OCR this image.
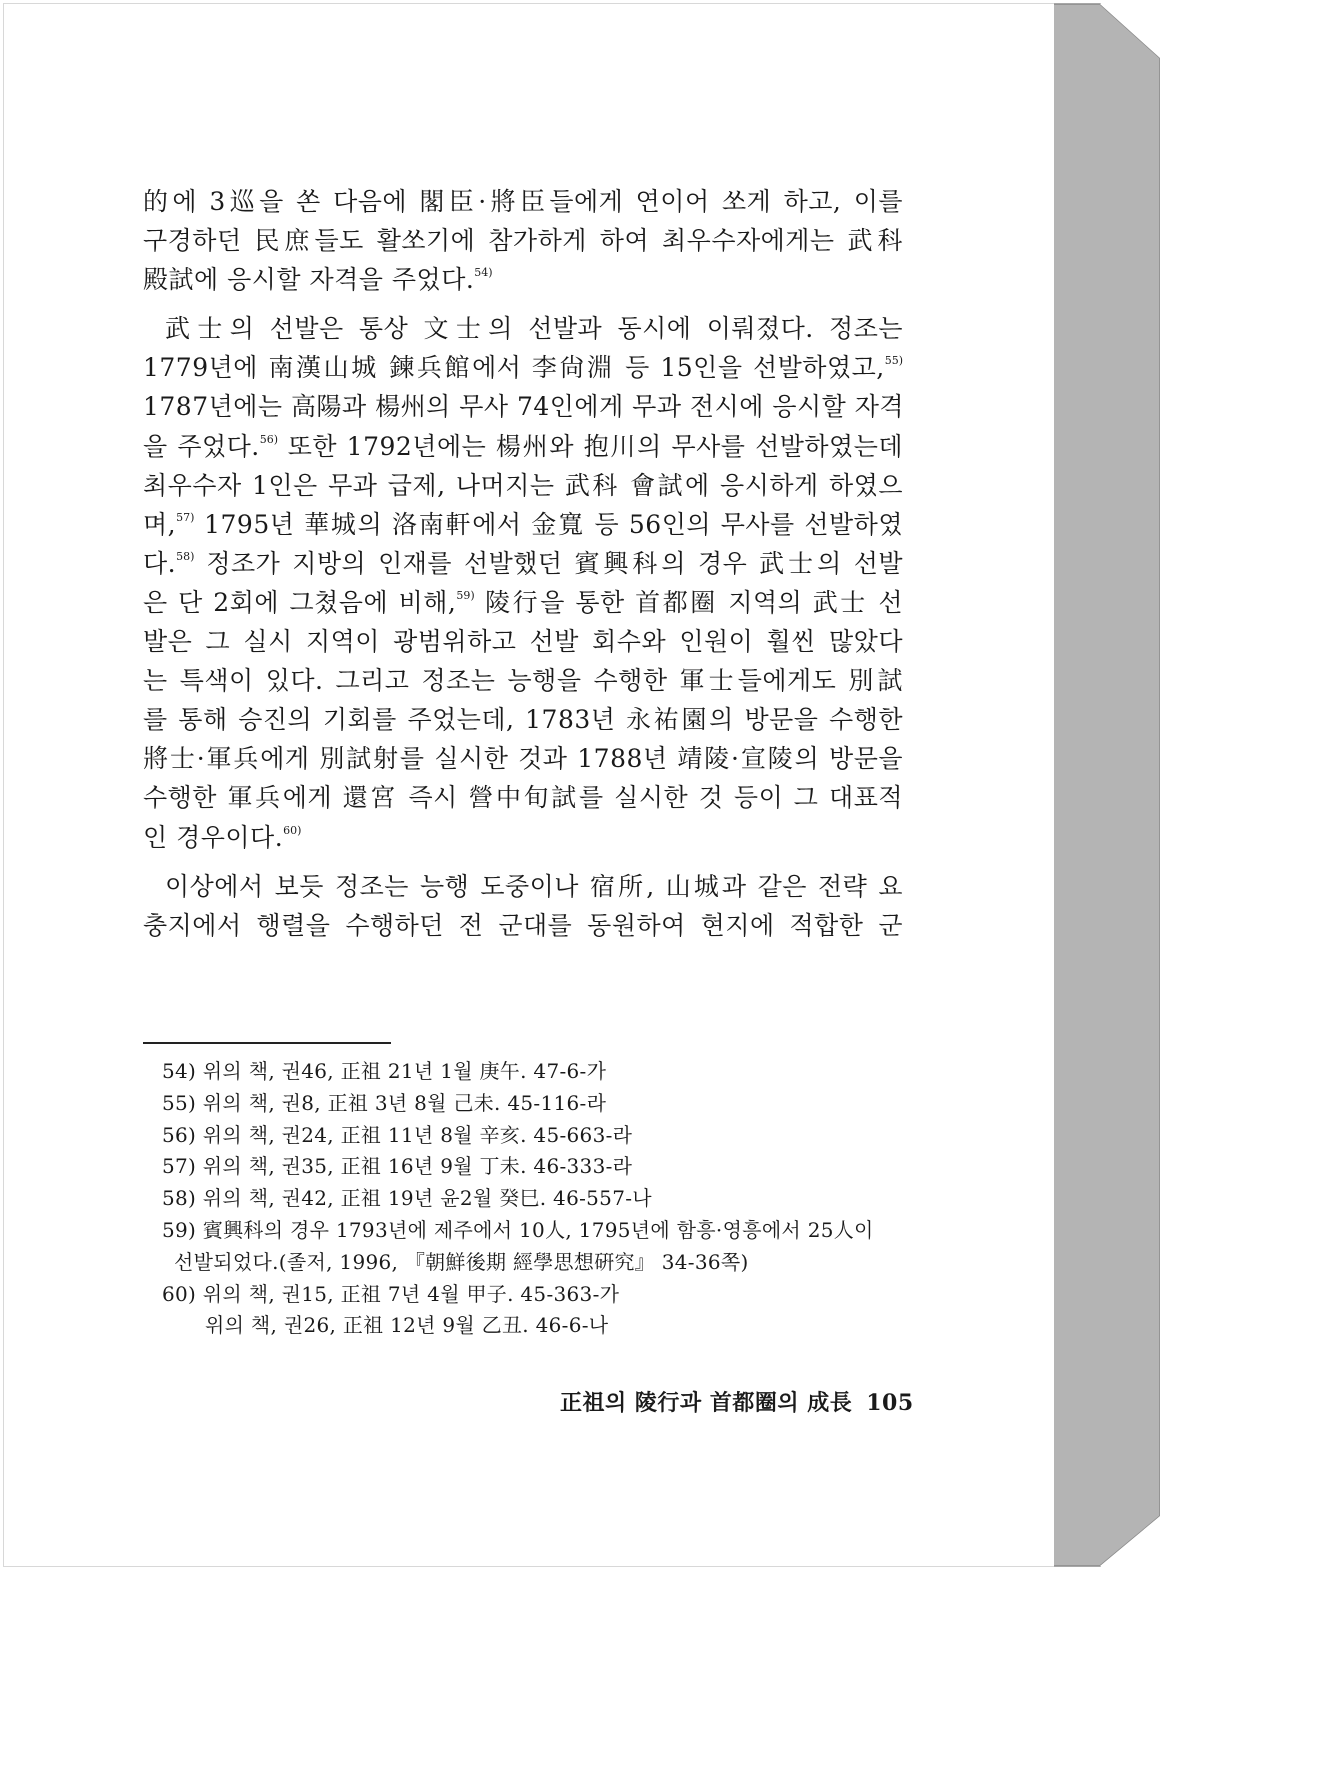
的에 3巡을 쏜 다음에 閣臣·將臣들에게 연이어 쏘게 하고, 이를
구경하던 民庶들도 활쏘기에 참가하게 하여 최우수자에게는 武科
殿試에 응시할 자격을 주었다.$^{54)}$

武士의 선발은 통상 文士의 선발과 동시에 이뤄졌다. 정조는
1779년에 南漢山城 鍊兵館에서 李尙淵 등 15인을 선발하였고,$^{55)}$
1787년에는 高陽과 楊州의 무사 74인에게 무과 전시에 응시할 자격
을 주었다.$^{56)}$ 또한 1792년에는 楊州와 抱川의 무사를 선발하였는데
최우수자 1인은 무과 급제, 나머지는 武科 會試에 응시하게 하였으
며,$^{57)}$ 1795년 華城의 洛南軒에서 金寬 등 56인의 무사를 선발하였
다.$^{58)}$ 정조가 지방의 인재를 선발했던 賓興科의 경우 武士의 선발
은 단 2회에 그쳤음에 비해,$^{59)}$ 陵行을 통한 首都圈 지역의 武士 선
발은 그 실시 지역이 광범위하고 선발 회수와 인원이 훨씬 많았다
는 특색이 있다. 그리고 정조는 능행을 수행한 軍士들에게도 別試
를 통해 승진의 기회를 주었는데, 1783년 永祐園의 방문을 수행한
將士·軍兵에게 別試射를 실시한 것과 1788년 靖陵·宣陵의 방문을
수행한 軍兵에게 還宮 즉시 營中旬試를 실시한 것 등이 그 대표적
인 경우이다.$^{60)}$

이상에서 보듯 정조는 능행 도중이나 宿所, 山城과 같은 전략 요
충지에서 행렬을 수행하던 전 군대를 동원하여 현지에 적합한 군

54) 위의 책, 권46, 正祖 21년 1월 庚午. 47-6-가
55) 위의 책, 권8, 正祖 3년 8월 己未. 45-116-라
56) 위의 책, 권24, 正祖 11년 8월 辛亥. 45-663-라
57) 위의 책, 권35, 正祖 16년 9월 丁未. 46-333-라
58) 위의 책, 권42, 正祖 19년 윤2월 癸巳. 46-557-나
59) 賓興科의 경우 1793년에 제주에서 10人, 1795년에 함흥·영흥에서 25人이
선발되었다.(졸저, 1996, 『朝鮮後期 經學思想硏究』 34-36쪽)
60) 위의 책, 권15, 正祖 7년 4월 甲子. 45-363-가
위의 책, 권26, 正祖 12년 9월 乙丑. 46-6-나
正祖의 陵行과 首都圈의 成長 105
